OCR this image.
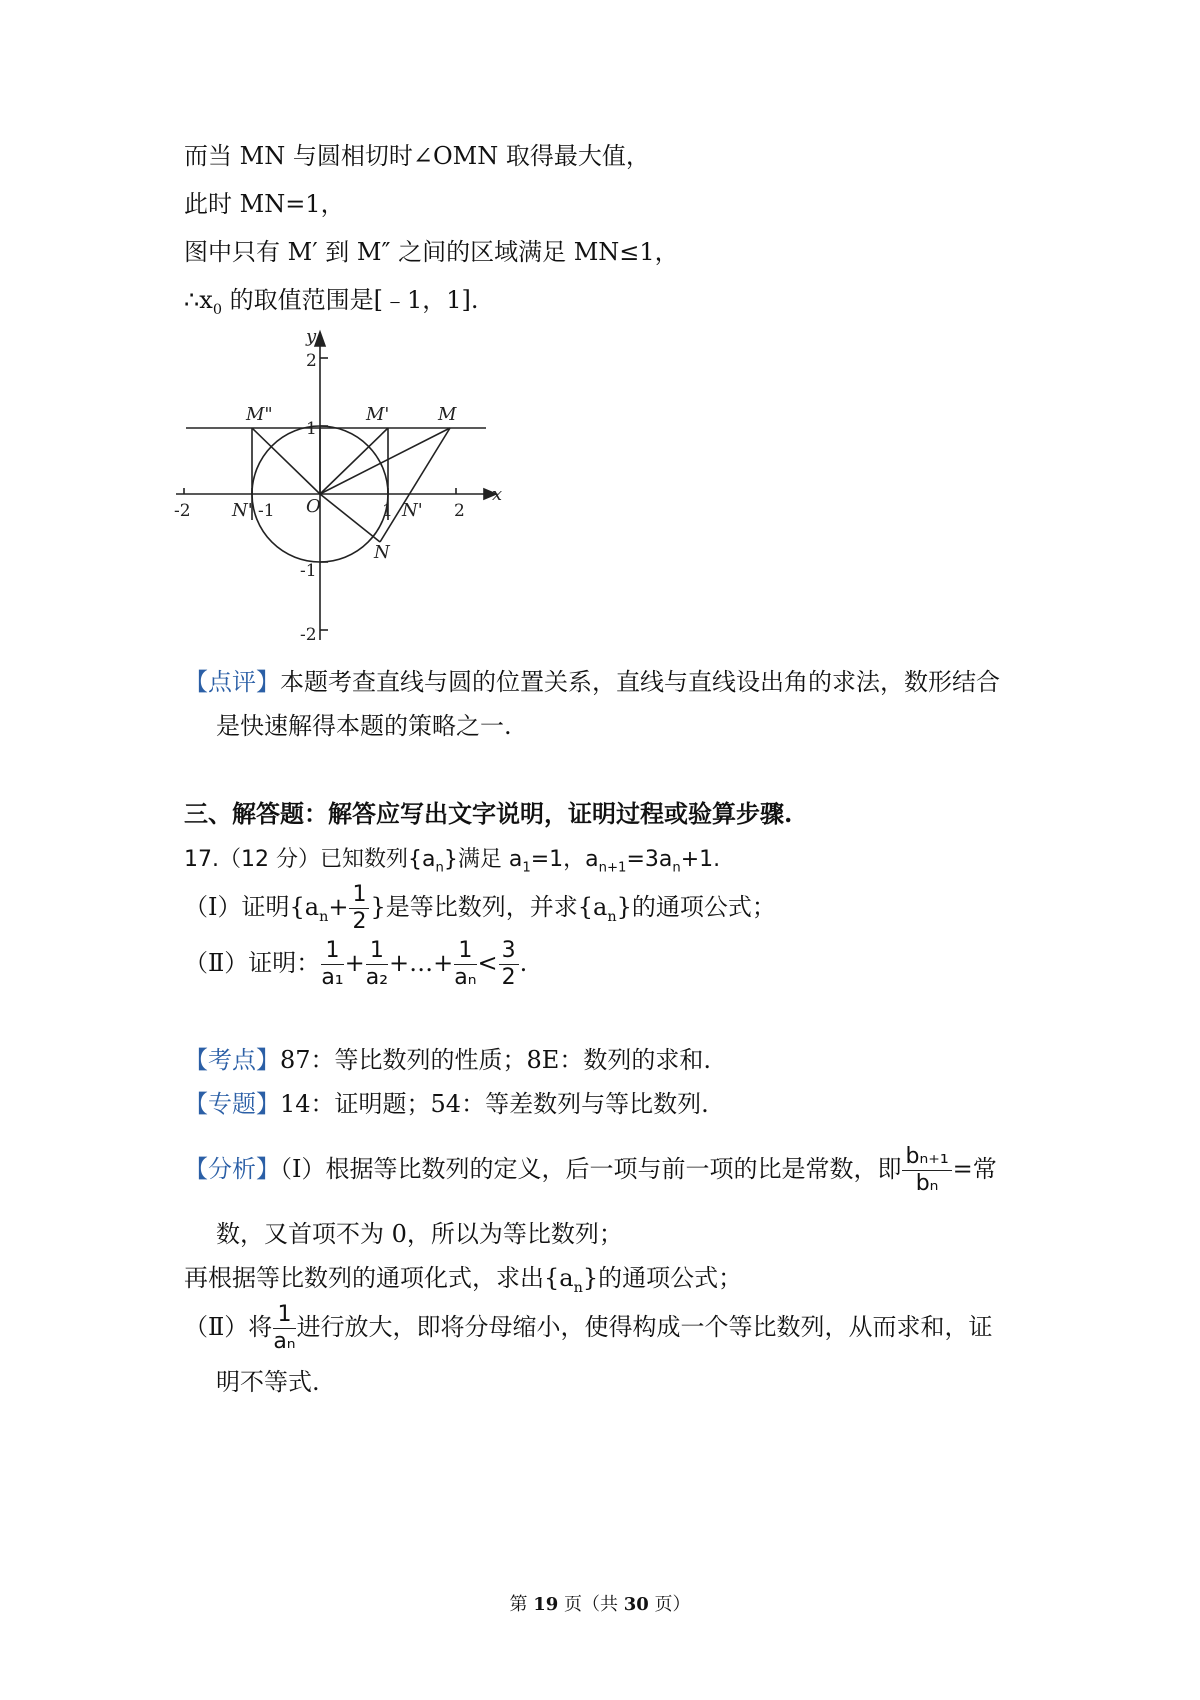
而当 MN 与圆相切时∠OMN 取得最大值，
此时 MN=1，
图中只有 M′ 到 M″ 之间的区域满足 MN≤1，
$\therefore x_0$ 的取值范围是[﹣1，1].
y
x
O
M"	M'	M
N'	N'
N
-2	-1	1	2
2
1
-1
-2
【点评】本题考查直线与圆的位置关系，直线与直线设出角的求法，数形结合
是快速解得本题的策略之一.
三、解答题：解答应写出文字说明，证明过程或验算步骤.
17.（12 分）已知数列$\{a_n\}$满足 $a_1=1$，$a_{n+1}=3a_n+1$.
（Ⅰ）证明{$a_n+ \frac{1}{2}$ }是等比数列，并求$\{a_n\}$的通项公式；
（Ⅱ）证明： $\frac{1}{\text{a₁}} + \frac{1}{\text{a₂}}$ +…+ $\frac{1}{\text{aₙ}} < \frac{3}{2}$ .
【考点】87：等比数列的性质；8E：数列的求和.
【专题】14：证明题；54：等差数列与等比数列.
【分析】（Ⅰ）根据等比数列的定义，后一项与前一项的比是常数，即 $\frac{\text{bₙ₊₁}}{\text{bₙ}}$ =常
数，又首项不为 0，所以为等比数列；
再根据等比数列的通项化式，求出$\{a_n\}$的通项公式；
（Ⅱ）将 $\frac{1}{\text{aₙ}}$ 进行放大，即将分母缩小，使得构成一个等比数列，从而求和，证
明不等式.
第 19 页（共 30 页）
